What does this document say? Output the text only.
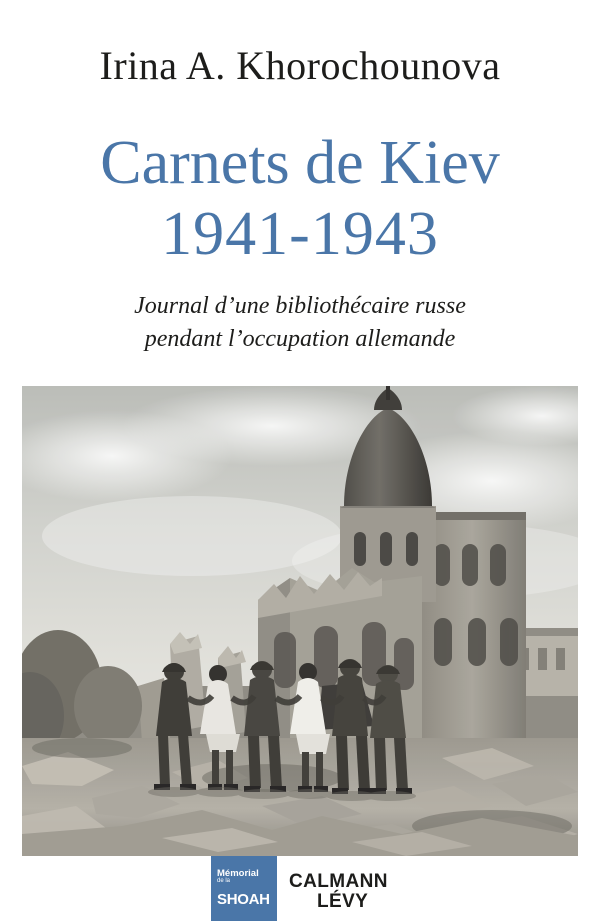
Irina A. Khorochounova
Carnets de Kiev
1941-1943
Journal d’une bibliothécaire russe
pendant l’occupation allemande
Mémorial
de la
SHOAH
CALMANN
LÉVY
